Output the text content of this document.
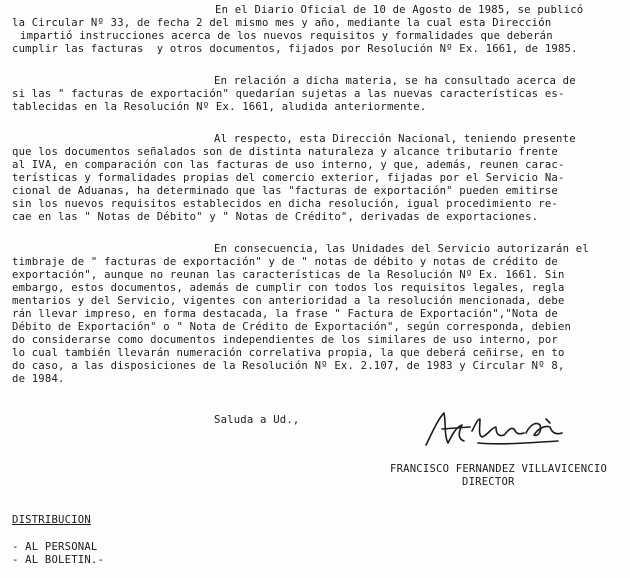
En el Diario Oficial de 10 de Agosto de 1985, se publicó
la Circular Nº 33, de fecha 2 del mismo mes y año, mediante la cual esta Dirección
impartió instrucciones acerca de los nuevos requisitos y formalidades que deberán
cumplir las facturas  y otros documentos, fijados por Resolución Nº Ex. 1661, de 1985.
En relación a dicha materia, se ha consultado acerca de
si las " facturas de exportación" quedarían sujetas a las nuevas características es-
tablecidas en la Resolución Nº Ex. 1661, aludida anteriormente.
Al respecto, esta Dirección Nacional, teniendo presente
que los documentos señalados son de distinta naturaleza y alcance tributario frente
al IVA, en comparación con las facturas de uso interno, y que, además, reunen carac-
terísticas y formalidades propias del comercio exterior, fijadas por el Servicio Na-
cional de Aduanas, ha determinado que las "facturas de exportación" pueden emitirse
sin los nuevos requisitos establecidos en dicha resolución, igual procedimiento re-
cae en las " Notas de Débito" y " Notas de Crédito", derivadas de exportaciones.
En consecuencia, las Unidades del Servicio autorizarán el
timbraje de " facturas de exportación" y de " notas de débito y notas de crédito de
exportación", aunque no reunan las características de la Resolución Nº Ex. 1661. Sin
embargo, estos documentos, además de cumplir con todos los requisitos legales, regla
mentarios y del Servicio, vigentes con anterioridad a la resolución mencionada, debe
rán llevar impreso, en forma destacada, la frase " Factura de Exportación","Nota de
Débito de Exportación" o " Nota de Crédito de Exportación", según corresponda, debien
do considerarse como documentos independientes de los similares de uso interno, por
lo cual también llevarán numeración correlativa propia, la que deberá ceñirse, en to
do caso, a las disposiciones de la Resolución Nº Ex. 2.107, de 1983 y Circular Nº 8,
de 1984.
Saluda a Ud.,
FRANCISCO FERNANDEZ VILLAVICENCIO
DIRECTOR
DISTRIBUCION
- AL PERSONAL
- AL BOLETIN.-
